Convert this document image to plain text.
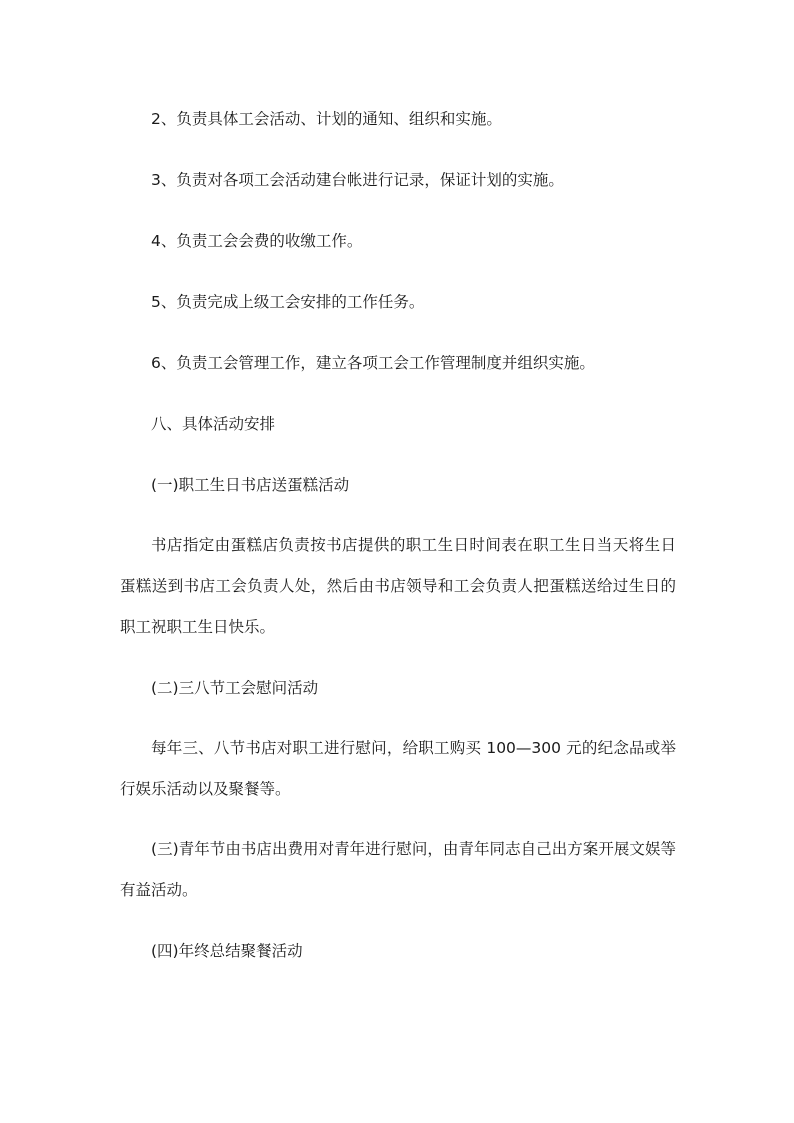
2、负责具体工会活动、计划的通知、组织和实施。

3、负责对各项工会活动建台帐进行记录，保证计划的实施。

4、负责工会会费的收缴工作。

5、负责完成上级工会安排的工作任务。

6、负责工会管理工作，建立各项工会工作管理制度并组织实施。

八、具体活动安排

(一)职工生日书店送蛋糕活动

书店指定由蛋糕店负责按书店提供的职工生日时间表在职工生日当天将生日蛋糕送到书店工会负责人处，然后由书店领导和工会负责人把蛋糕送给过生日的职工祝职工生日快乐。

(二)三八节工会慰问活动

每年三、八节书店对职工进行慰问，给职工购买 100—300 元的纪念品或举行娱乐活动以及聚餐等。

(三)青年节由书店出费用对青年进行慰问，由青年同志自己出方案开展文娱等有益活动。

(四)年终总结聚餐活动
